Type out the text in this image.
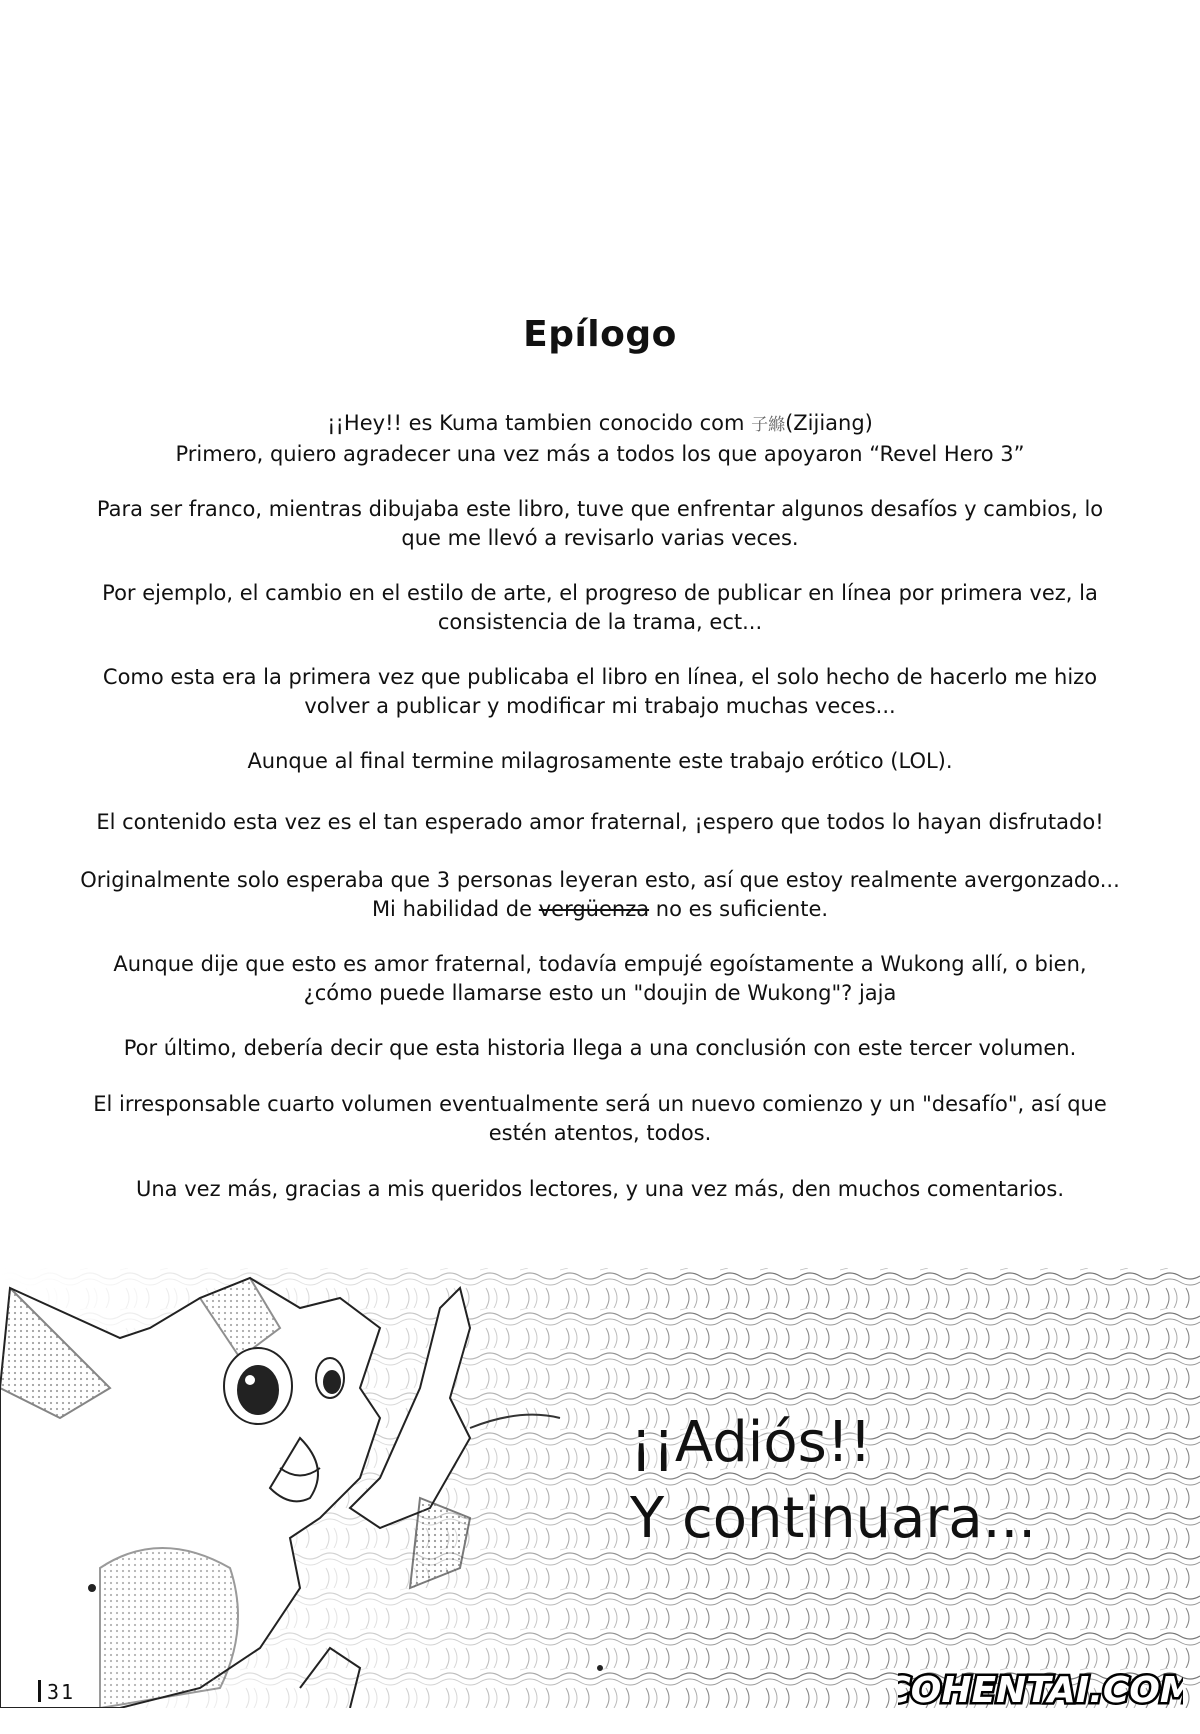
Epílogo
¡¡Hey!! es Kuma tambien conocido com 子縧(Zijiang)
Primero, quiero agradecer una vez más a todos los que apoyaron “Revel Hero 3”
Para ser franco, mientras dibujaba este libro, tuve que enfrentar algunos desafíos y cambios, lo
que me llevó a revisarlo varias veces.
Por ejemplo, el cambio en el estilo de arte, el progreso de publicar en línea por primera vez, la
consistencia de la trama, ect...
Como esta era la primera vez que publicaba el libro en línea, el solo hecho de hacerlo me hizo
volver a publicar y modificar mi trabajo muchas veces...
Aunque al final termine milagrosamente este trabajo erótico (LOL).
El contenido esta vez es el tan esperado amor fraternal, ¡espero que todos lo hayan disfrutado!
Originalmente solo esperaba que 3 personas leyeran esto, así que estoy realmente avergonzado...
Mi habilidad de vergüenza no es suficiente.
Aunque dije que esto es amor fraternal, todavía empujé egoístamente a Wukong allí, o bien,
¿cómo puede llamarse esto un "doujin de Wukong"? jaja
Por último, debería decir que esta historia llega a una conclusión con este tercer volumen.
El irresponsable cuarto volumen eventualmente será un nuevo comienzo y un "desafío", así que
estén atentos, todos.
Una vez más, gracias a mis queridos lectores, y una vez más, den muchos comentarios.
¡¡Adiós!!
Y continuara...
31	COHENTAI.COM
